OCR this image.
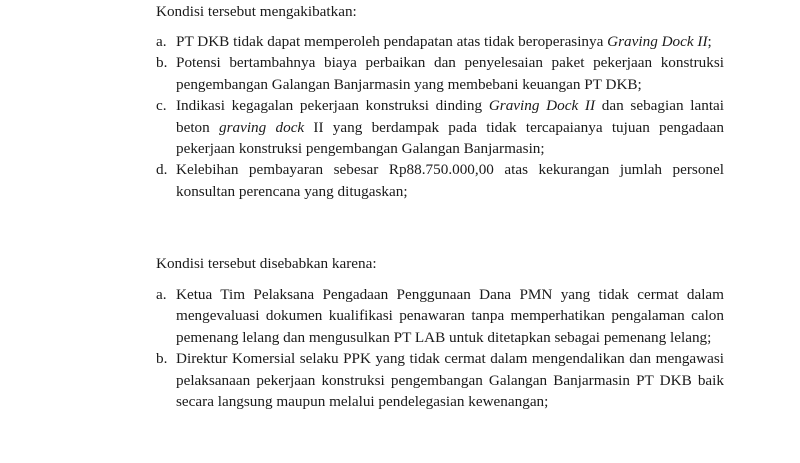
Kondisi tersebut mengakibatkan:
a. PT DKB tidak dapat memperoleh pendapatan atas tidak beroperasinya Graving Dock II;

b. Potensi bertambahnya biaya perbaikan dan penyelesaian paket pekerjaan konstruksi pengembangan Galangan Banjarmasin yang membebani keuangan PT DKB;

c. Indikasi kegagalan pekerjaan konstruksi dinding Graving Dock II dan sebagian lantai beton graving dock II yang berdampak pada tidak tercapaianya tujuan pengadaan pekerjaan konstruksi pengembangan Galangan Banjarmasin;

d. Kelebihan pembayaran sebesar Rp88.750.000,00 atas kekurangan jumlah personel konsultan perencana yang ditugaskan;

Kondisi tersebut disebabkan karena:
a. Ketua Tim Pelaksana Pengadaan Penggunaan Dana PMN yang tidak cermat dalam mengevaluasi dokumen kualifikasi penawaran tanpa memperhatikan pengalaman calon pemenang lelang dan mengusulkan PT LAB untuk ditetapkan sebagai pemenang lelang;

b. Direktur Komersial selaku PPK yang tidak cermat dalam mengendalikan dan mengawasi pelaksanaan pekerjaan konstruksi pengembangan Galangan Banjarmasin PT DKB baik secara langsung maupun melalui pendelegasian kewenangan;
